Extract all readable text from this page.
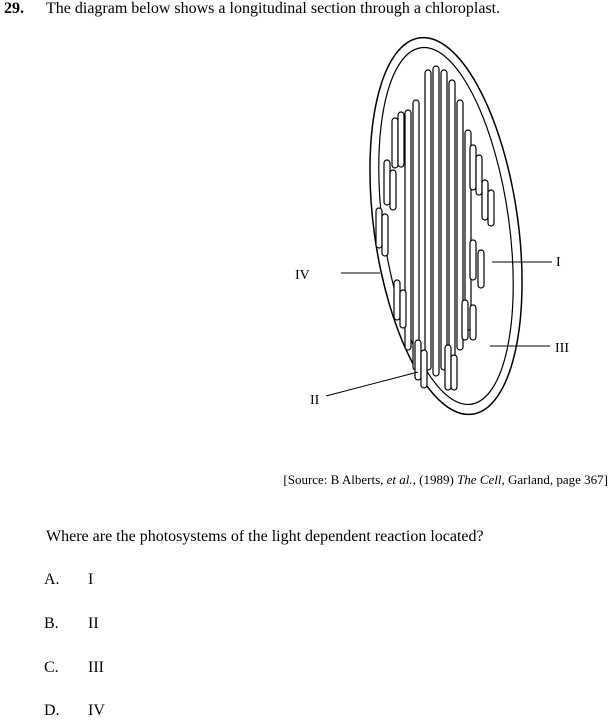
29. The diagram below shows a longitudinal section through a chloroplast.
I
III
IV
II
[Source: B Alberts, et al., (1989) The Cell, Garland, page 367]
Where are the photosystems of the light dependent reaction located?
A. I
B. II
C. III
D. IV
